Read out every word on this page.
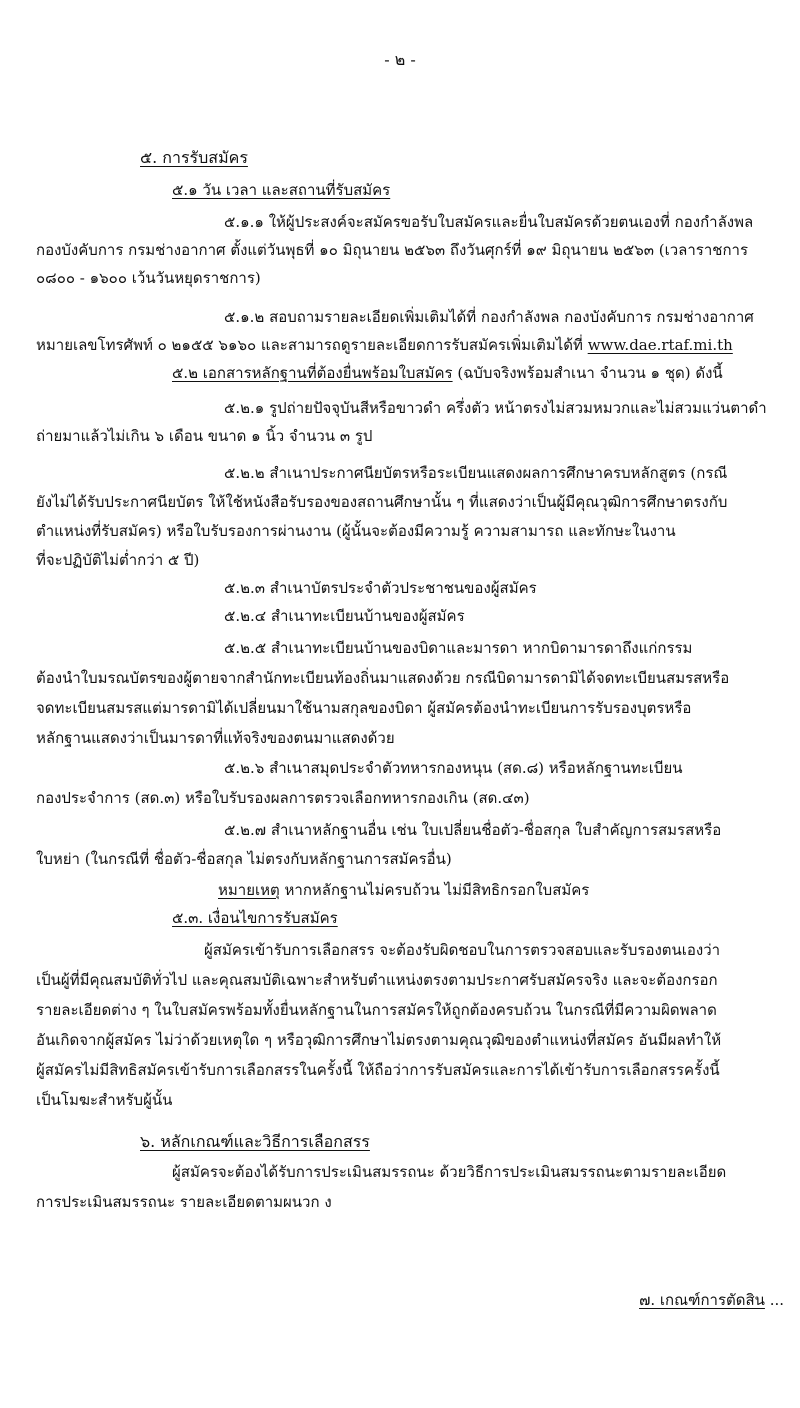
- ๒ -
๕. การรับสมัคร
๕.๑ วัน เวลา และสถานที่รับสมัคร
๕.๑.๑ ให้ผู้ประสงค์จะสมัครขอรับใบสมัครและยื่นใบสมัครด้วยตนเองที่ กองกำลังพล
กองบังคับการ กรมช่างอากาศ ตั้งแต่วันพุธที่ ๑๐ มิถุนายน ๒๕๖๓ ถึงวันศุกร์ที่ ๑๙ มิถุนายน ๒๕๖๓ (เวลาราชการ
๐๘๐๐ - ๑๖๐๐ เว้นวันหยุดราชการ)
๕.๑.๒ สอบถามรายละเอียดเพิ่มเติมได้ที่ กองกำลังพล กองบังคับการ กรมช่างอากาศ
หมายเลขโทรศัพท์ ๐ ๒๑๕๕ ๖๑๖๐ และสามารถดูรายละเอียดการรับสมัครเพิ่มเติมได้ที่ www.dae.rtaf.mi.th
๕.๒ เอกสารหลักฐานที่ต้องยื่นพร้อมใบสมัคร (ฉบับจริงพร้อมสำเนา จำนวน ๑ ชุด) ดังนี้
๕.๒.๑ รูปถ่ายปัจจุบันสีหรือขาวดำ ครึ่งตัว หน้าตรงไม่สวมหมวกและไม่สวมแว่นตาดำ
ถ่ายมาแล้วไม่เกิน ๖ เดือน ขนาด ๑ นิ้ว จำนวน ๓ รูป
๕.๒.๒ สำเนาประกาศนียบัตรหรือระเบียนแสดงผลการศึกษาครบหลักสูตร (กรณี
ยังไม่ได้รับประกาศนียบัตร ให้ใช้หนังสือรับรองของสถานศึกษานั้น ๆ ที่แสดงว่าเป็นผู้มีคุณวุฒิการศึกษาตรงกับ
ตำแหน่งที่รับสมัคร) หรือใบรับรองการผ่านงาน (ผู้นั้นจะต้องมีความรู้ ความสามารถ และทักษะในงาน
ที่จะปฏิบัติไม่ต่ำกว่า ๕ ปี)
๕.๒.๓ สำเนาบัตรประจำตัวประชาชนของผู้สมัคร
๕.๒.๔ สำเนาทะเบียนบ้านของผู้สมัคร
๕.๒.๕ สำเนาทะเบียนบ้านของบิดาและมารดา หากบิดามารดาถึงแก่กรรม
ต้องนำใบมรณบัตรของผู้ตายจากสำนักทะเบียนท้องถิ่นมาแสดงด้วย กรณีบิดามารดามิได้จดทะเบียนสมรสหรือ
จดทะเบียนสมรสแต่มารดามิได้เปลี่ยนมาใช้นามสกุลของบิดา ผู้สมัครต้องนำทะเบียนการรับรองบุตรหรือ
หลักฐานแสดงว่าเป็นมารดาที่แท้จริงของตนมาแสดงด้วย
๕.๒.๖ สำเนาสมุดประจำตัวทหารกองหนุน (สด.๘) หรือหลักฐานทะเบียน
กองประจำการ (สด.๓) หรือใบรับรองผลการตรวจเลือกทหารกองเกิน (สด.๔๓)
๕.๒.๗ สำเนาหลักฐานอื่น เช่น ใบเปลี่ยนชื่อตัว-ชื่อสกุล ใบสำคัญการสมรสหรือ
ใบหย่า (ในกรณีที่ ชื่อตัว-ชื่อสกุล ไม่ตรงกับหลักฐานการสมัครอื่น)
หมายเหตุ หากหลักฐานไม่ครบถ้วน ไม่มีสิทธิกรอกใบสมัคร
๕.๓. เงื่อนไขการรับสมัคร
ผู้สมัครเข้ารับการเลือกสรร จะต้องรับผิดชอบในการตรวจสอบและรับรองตนเองว่า
เป็นผู้ที่มีคุณสมบัติทั่วไป และคุณสมบัติเฉพาะสำหรับตำแหน่งตรงตามประกาศรับสมัครจริง และจะต้องกรอก
รายละเอียดต่าง ๆ ในใบสมัครพร้อมทั้งยื่นหลักฐานในการสมัครให้ถูกต้องครบถ้วน ในกรณีที่มีความผิดพลาด
อันเกิดจากผู้สมัคร ไม่ว่าด้วยเหตุใด ๆ หรือวุฒิการศึกษาไม่ตรงตามคุณวุฒิของตำแหน่งที่สมัคร อันมีผลทำให้
ผู้สมัครไม่มีสิทธิสมัครเข้ารับการเลือกสรรในครั้งนี้ ให้ถือว่าการรับสมัครและการได้เข้ารับการเลือกสรรครั้งนี้
เป็นโมฆะสำหรับผู้นั้น
๖. หลักเกณฑ์และวิธีการเลือกสรร
ผู้สมัครจะต้องได้รับการประเมินสมรรถนะ ด้วยวิธีการประเมินสมรรถนะตามรายละเอียด
การประเมินสมรรถนะ รายละเอียดตามผนวก ง
๗. เกณฑ์การตัดสิน ...
